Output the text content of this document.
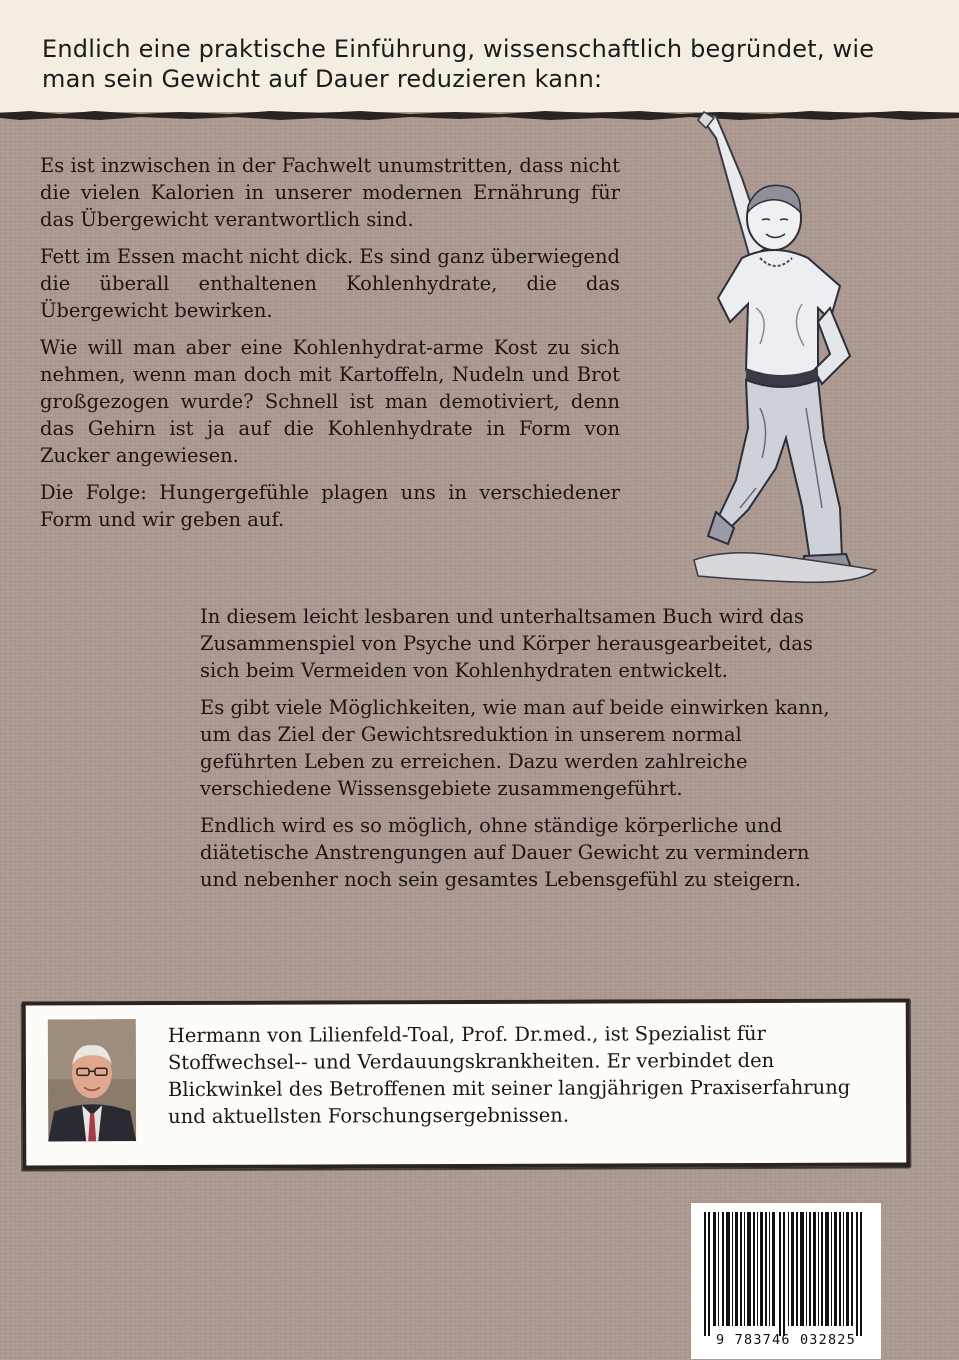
Endlich eine praktische Einführung, wissenschaftlich begründet, wie man sein Gewicht auf Dauer reduzieren kann:

Es ist inzwischen in der Fachwelt unumstritten, dass nicht die vielen Kalorien in unserer modernen Ernährung für das Übergewicht verantwortlich sind.

Fett im Essen macht nicht dick. Es sind ganz überwiegend die überall enthaltenen Kohlenhydrate, die das Übergewicht bewirken.

Wie will man aber eine Kohlenhydrat-arme Kost zu sich nehmen, wenn man doch mit Kartoffeln, Nudeln und Brot großgezogen wurde? Schnell ist man demotiviert, denn das Gehirn ist ja auf die Kohlenhydrate in Form von Zucker angewiesen.

Die Folge: Hungergefühle plagen uns in verschiedener Form und wir geben auf.

In diesem leicht lesbaren und unterhaltsamen Buch wird das Zusammenspiel von Psyche und Körper herausgearbeitet, das sich beim Vermeiden von Kohlenhydraten entwickelt.

Es gibt viele Möglichkeiten, wie man auf beide einwirken kann, um das Ziel der Gewichtsreduktion in unserem normal geführten Leben zu erreichen. Dazu werden zahlreiche verschiedene Wissensgebiete zusammengeführt.

Endlich wird es so möglich, ohne ständige körperliche und diätetische Anstrengungen auf Dauer Gewicht zu vermindern und nebenher noch sein gesamtes Lebensgefühl zu steigern.

Hermann von Lilienfeld-Toal, Prof. Dr.med., ist Spezialist für Stoffwechsel-- und Verdauungskrankheiten. Er verbindet den Blickwinkel des Betroffenen mit seiner langjährigen Praxiserfahrung und aktuellsten Forschungsergebnissen.
9 783746 032825
